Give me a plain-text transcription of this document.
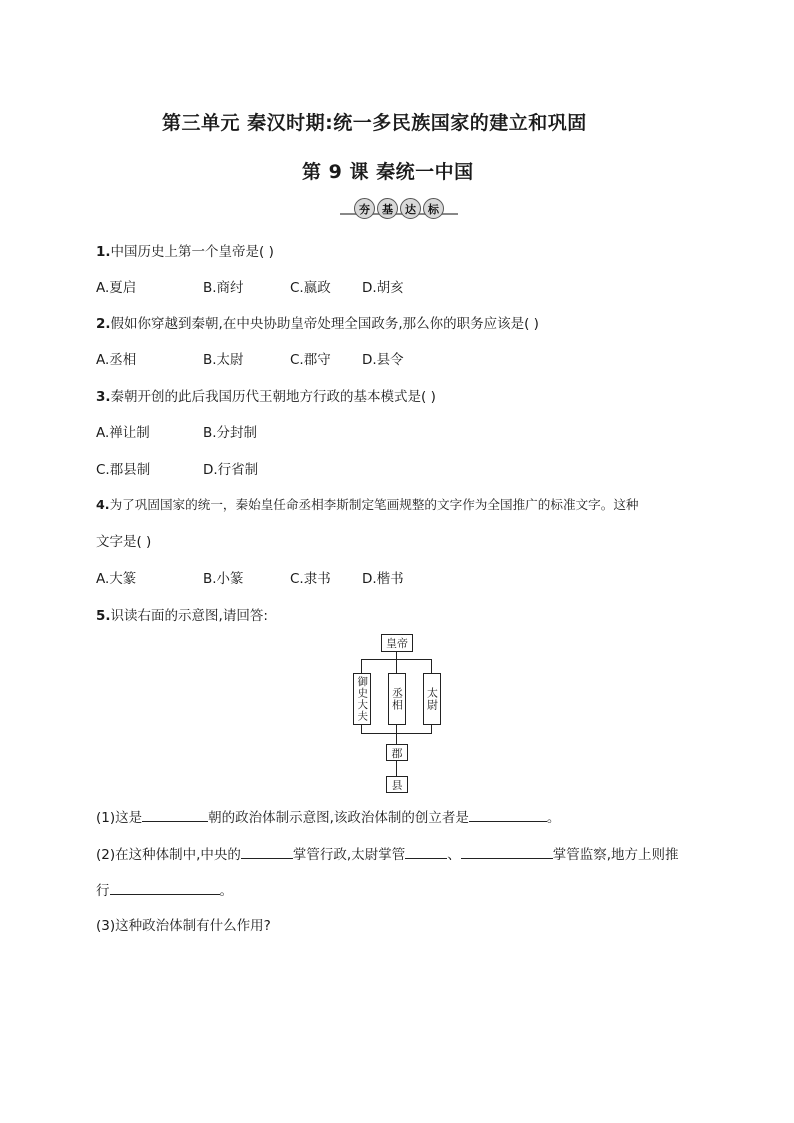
第三单元 秦汉时期:统一多民族国家的建立和巩固
第 9 课 秦统一中国
夯	基	达	标
1.中国历史上第一个皇帝是( )
A.夏启	B.商纣	C.嬴政 D.胡亥
2.假如你穿越到秦朝,在中央协助皇帝处理全国政务,那么你的职务应该是( )
A.丞相	B.太尉	C.郡守 D.县令
3.秦朝开创的此后我国历代王朝地方行政的基本模式是( )
A.禅让制	B.分封制
C.郡县制	D.行省制
4.为了巩固国家的统一，秦始皇任命丞相李斯制定笔画规整的文字作为全国推广的标准文字。这种
文字是( )
A.大篆	B.小篆	C.隶书 D.楷书
5.识读右面的示意图,请回答:
皇帝
御史大夫 丞相 太尉
郡
县
(1)这是	朝的政治体制示意图,该政治体制的创立者是	。
(2)在这种体制中,中央的	掌管行政,太尉掌管	、	掌管监察,地方上则推
行	。
(3)这种政治体制有什么作用?
